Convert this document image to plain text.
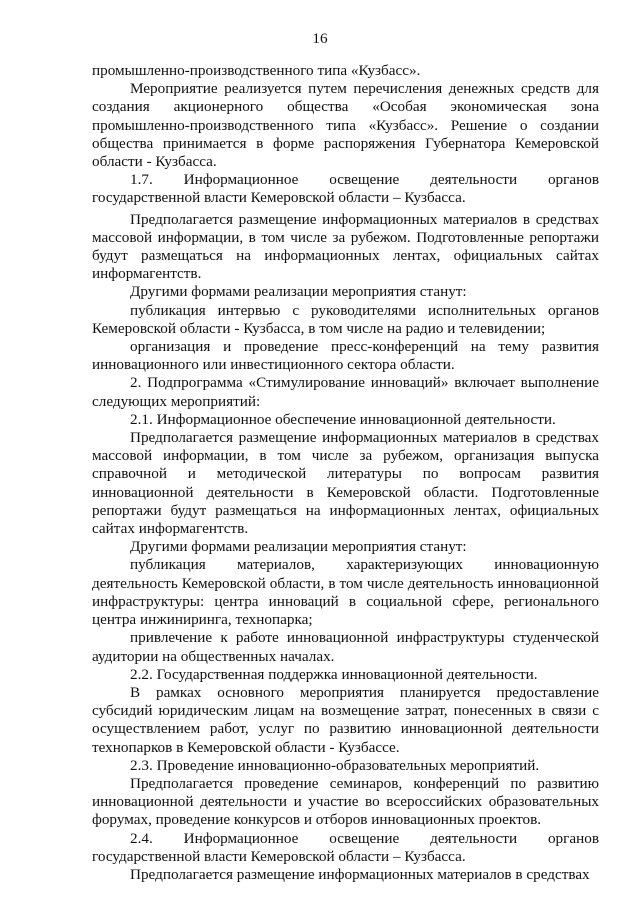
16

промышленно-производственного типа «Кузбасс».

Мероприятие реализуется путем перечисления денежных средств для создания акционерного общества «Особая экономическая зона промышленно-производственного типа «Кузбасс». Решение о создании общества принимается в форме распоряжения Губернатора Кемеровской области - Кузбасса.

1.7. Информационное освещение деятельности органов государственной власти Кемеровской области – Кузбасса.

Предполагается размещение информационных материалов в средствах массовой информации, в том числе за рубежом. Подготовленные репортажи будут размещаться на информационных лентах, официальных сайтах информагентств.

Другими формами реализации мероприятия станут:

публикация интервью с руководителями исполнительных органов Кемеровской области - Кузбасса, в том числе на радио и телевидении;

организация и проведение пресс-конференций на тему развития инновационного или инвестиционного сектора области.

2. Подпрограмма «Стимулирование инноваций» включает выполнение следующих мероприятий:

2.1. Информационное обеспечение инновационной деятельности.

Предполагается размещение информационных материалов в средствах массовой информации, в том числе за рубежом, организация выпуска справочной и методической литературы по вопросам развития инновационной деятельности в Кемеровской области. Подготовленные репортажи будут размещаться на информационных лентах, официальных сайтах информагентств.

Другими формами реализации мероприятия станут:

публикация материалов, характеризующих инновационную деятельность Кемеровской области, в том числе деятельность инновационной инфраструктуры: центра инноваций в социальной сфере, регионального центра инжиниринга, технопарка;

привлечение к работе инновационной инфраструктуры студенческой аудитории на общественных началах.

2.2. Государственная поддержка инновационной деятельности.

В рамках основного мероприятия планируется предоставление субсидий юридическим лицам на возмещение затрат, понесенных в связи с осуществлением работ, услуг по развитию инновационной деятельности технопарков в Кемеровской области - Кузбассе.

2.3. Проведение инновационно-образовательных мероприятий.

Предполагается проведение семинаров, конференций по развитию инновационной деятельности и участие во всероссийских образовательных форумах, проведение конкурсов и отборов инновационных проектов.

2.4. Информационное освещение деятельности органов государственной власти Кемеровской области – Кузбасса.

Предполагается размещение информационных материалов в средствах
